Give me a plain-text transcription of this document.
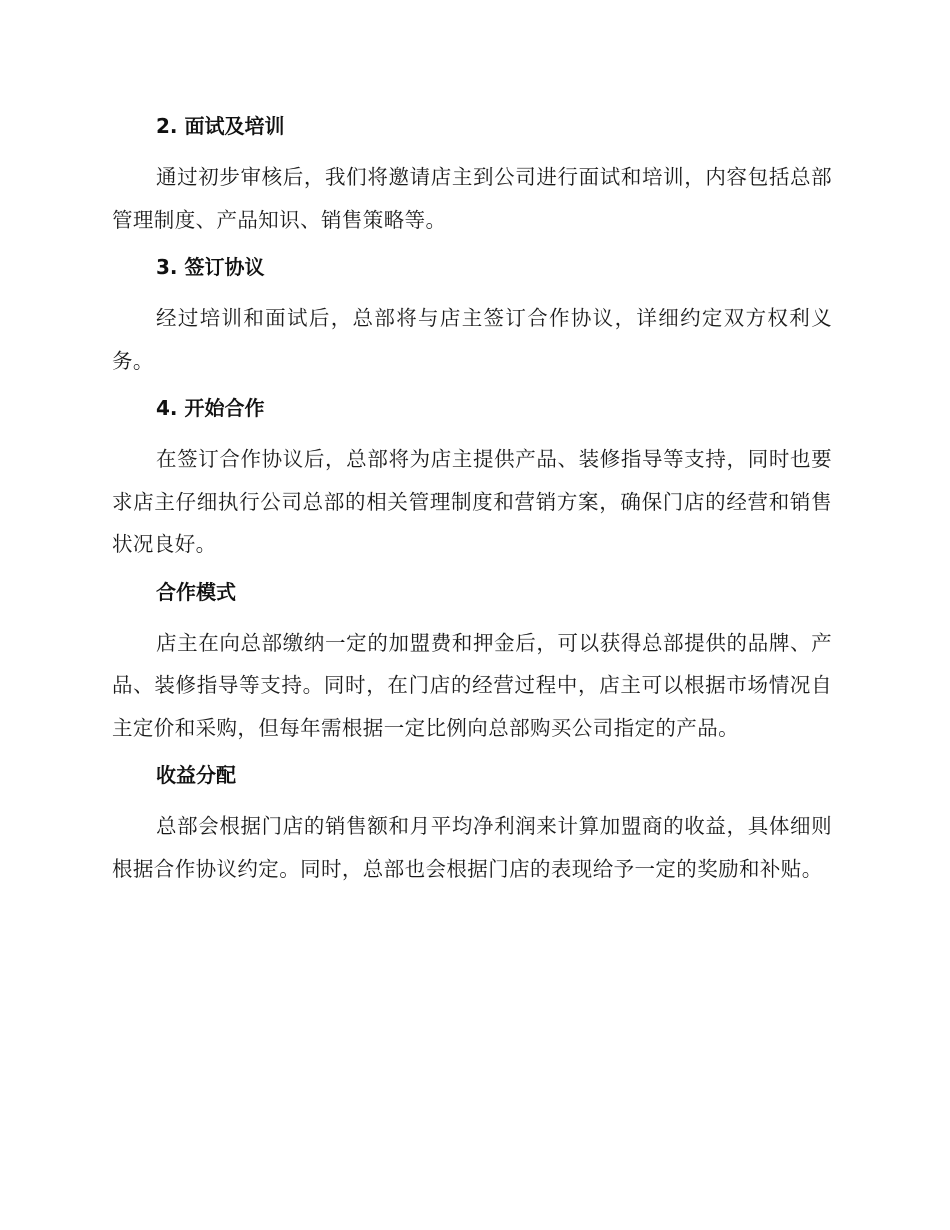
2. 面试及培训

通过初步审核后，我们将邀请店主到公司进行面试和培训，内容包括总部管理制度、产品知识、销售策略等。

3. 签订协议

经过培训和面试后，总部将与店主签订合作协议，详细约定双方权利义务。

4. 开始合作

在签订合作协议后，总部将为店主提供产品、装修指导等支持，同时也要求店主仔细执行公司总部的相关管理制度和营销方案，确保门店的经营和销售状况良好。

合作模式

店主在向总部缴纳一定的加盟费和押金后，可以获得总部提供的品牌、产品、装修指导等支持。同时，在门店的经营过程中，店主可以根据市场情况自主定价和采购，但每年需根据一定比例向总部购买公司指定的产品。

收益分配

总部会根据门店的销售额和月平均净利润来计算加盟商的收益，具体细则根据合作协议约定。同时，总部也会根据门店的表现给予一定的奖励和补贴。
